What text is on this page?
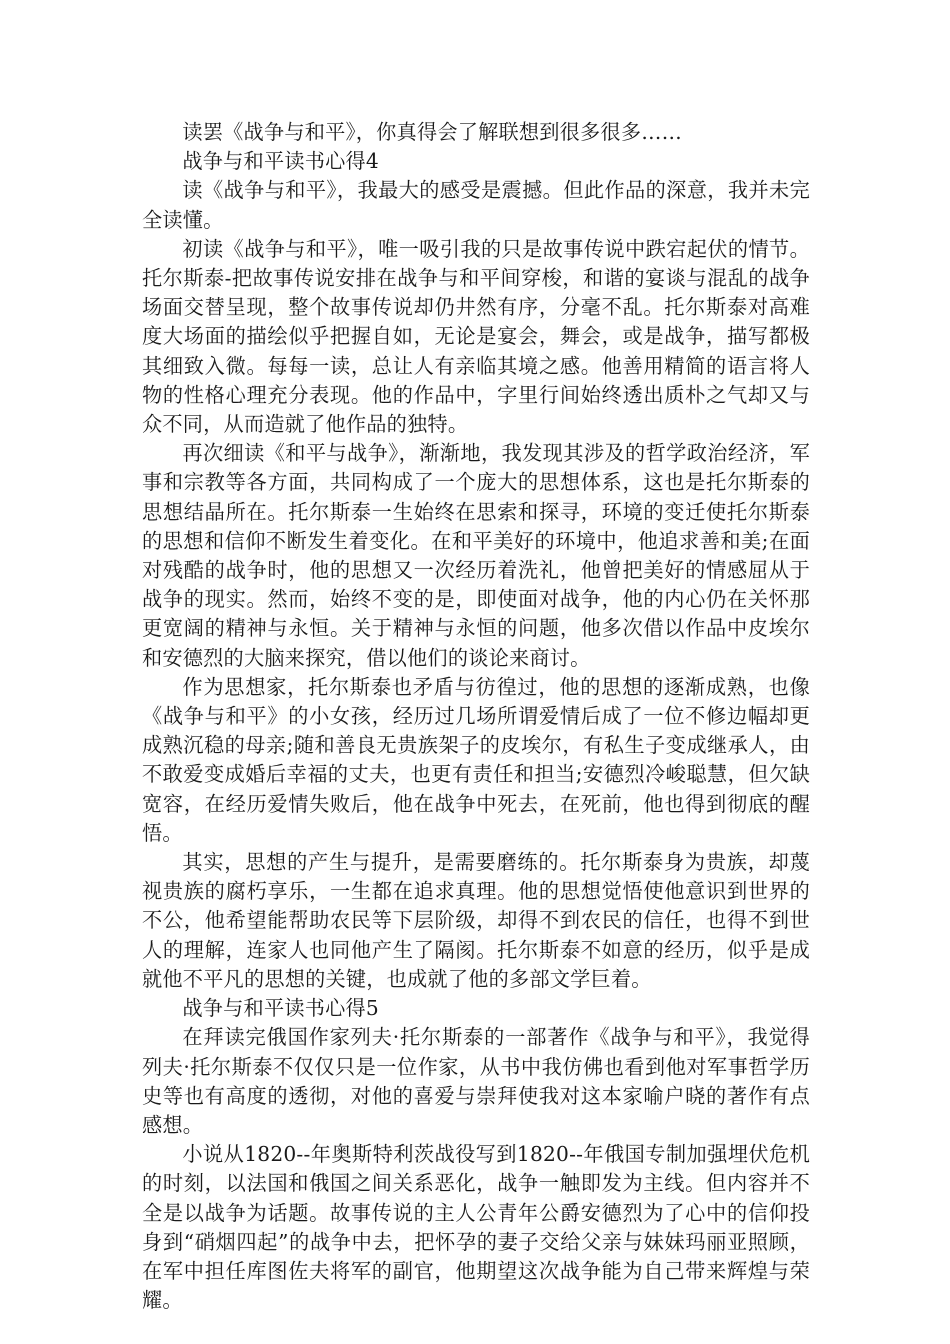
读罢《战争与和平》，你真得会了解联想到很多很多……

战争与和平读书心得4

读《战争与和平》，我最大的感受是震撼。但此作品的深意，我并未完全读懂。

初读《战争与和平》，唯一吸引我的只是故事传说中跌宕起伏的情节。托尔斯泰-把故事传说安排在战争与和平间穿梭，和谐的宴谈与混乱的战争场面交替呈现，整个故事传说却仍井然有序，分毫不乱。托尔斯泰对高难度大场面的描绘似乎把握自如，无论是宴会，舞会，或是战争，描写都极其细致入微。每每一读，总让人有亲临其境之感。他善用精简的语言将人物的性格心理充分表现。他的作品中，字里行间始终透出质朴之气却又与众不同，从而造就了他作品的独特。

再次细读《和平与战争》，渐渐地，我发现其涉及的哲学政治经济，军事和宗教等各方面，共同构成了一个庞大的思想体系，这也是托尔斯泰的思想结晶所在。托尔斯泰一生始终在思索和探寻，环境的变迁使托尔斯泰的思想和信仰不断发生着变化。在和平美好的环境中，他追求善和美;在面对残酷的战争时，他的思想又一次经历着洗礼，他曾把美好的情感屈从于战争的现实。然而，始终不变的是，即使面对战争，他的内心仍在关怀那更宽阔的精神与永恒。关于精神与永恒的问题，他多次借以作品中皮埃尔和安德烈的大脑来探究，借以他们的谈论来商讨。

作为思想家，托尔斯泰也矛盾与彷徨过，他的思想的逐渐成熟，也像《战争与和平》的小女孩，经历过几场所谓爱情后成了一位不修边幅却更成熟沉稳的母亲;随和善良无贵族架子的皮埃尔，有私生子变成继承人，由不敢爱变成婚后幸福的丈夫，也更有责任和担当;安德烈冷峻聪慧，但欠缺宽容，在经历爱情失败后，他在战争中死去，在死前，他也得到彻底的醒悟。

其实，思想的产生与提升，是需要磨练的。托尔斯泰身为贵族，却蔑视贵族的腐朽享乐，一生都在追求真理。他的思想觉悟使他意识到世界的不公，他希望能帮助农民等下层阶级，却得不到农民的信任，也得不到世人的理解，连家人也同他产生了隔阂。托尔斯泰不如意的经历，似乎是成就他不平凡的思想的关键，也成就了他的多部文学巨着。

战争与和平读书心得5

在拜读完俄国作家列夫·托尔斯泰的一部著作《战争与和平》，我觉得列夫·托尔斯泰不仅仅只是一位作家，从书中我仿佛也看到他对军事哲学历史等也有高度的透彻，对他的喜爱与崇拜使我对这本家喻户晓的著作有点感想。

小说从1820--年奥斯特利茨战役写到1820--年俄国专制加强埋伏危机的时刻，以法国和俄国之间关系恶化，战争一触即发为主线。但内容并不全是以战争为话题。故事传说的主人公青年公爵安德烈为了心中的信仰投身到“硝烟四起”的战争中去，把怀孕的妻子交给父亲与妹妹玛丽亚照顾，在军中担任库图佐夫将军的副官，他期望这次战争能为自己带来辉煌与荣耀。
